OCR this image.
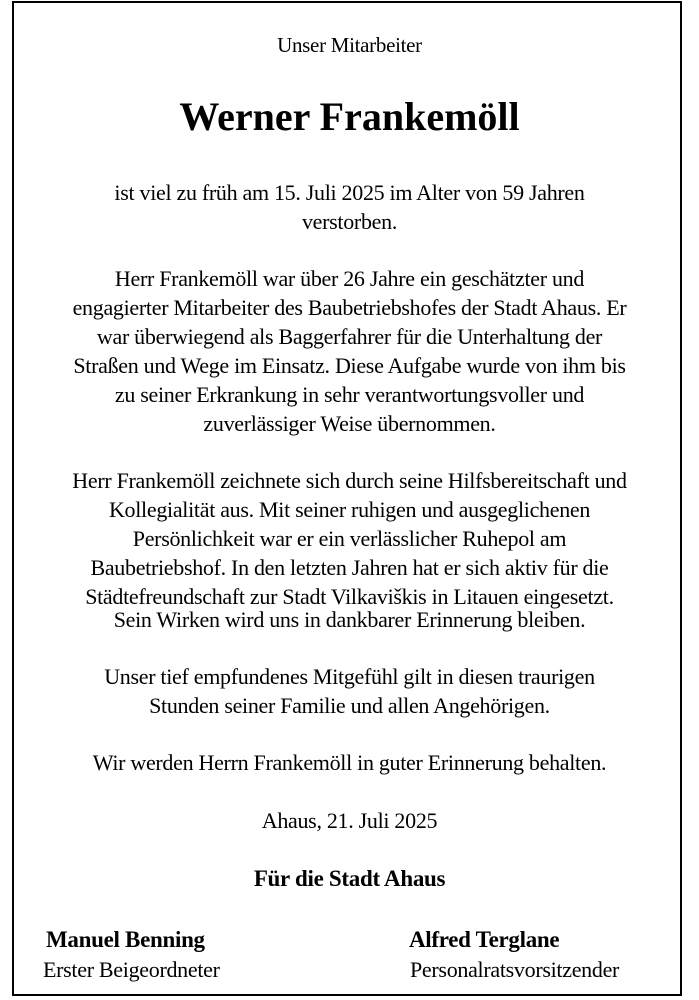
Unser Mitarbeiter
Werner Frankemöll
ist viel zu früh am 15. Juli 2025 im Alter von 59 Jahren
verstorben.
Herr Frankemöll war über 26 Jahre ein geschätzter und
engagierter Mitarbeiter des Baubetriebshofes der Stadt Ahaus. Er
war überwiegend als Baggerfahrer für die Unterhaltung der
Straßen und Wege im Einsatz. Diese Aufgabe wurde von ihm bis
zu seiner Erkrankung in sehr verantwortungsvoller und
zuverlässiger Weise übernommen.
Herr Frankemöll zeichnete sich durch seine Hilfsbereitschaft und
Kollegialität aus. Mit seiner ruhigen und ausgeglichenen
Persönlichkeit war er ein verlässlicher Ruhepol am
Baubetriebshof. In den letzten Jahren hat er sich aktiv für die
Städtefreundschaft zur Stadt Vilkaviškis in Litauen eingesetzt.
Sein Wirken wird uns in dankbarer Erinnerung bleiben.
Unser tief empfundenes Mitgefühl gilt in diesen traurigen
Stunden seiner Familie und allen Angehörigen.
Wir werden Herrn Frankemöll in guter Erinnerung behalten.
Ahaus, 21. Juli 2025
Für die Stadt Ahaus
Manuel Benning
Erster Beigeordneter
Alfred Terglane
Personalratsvorsitzender
